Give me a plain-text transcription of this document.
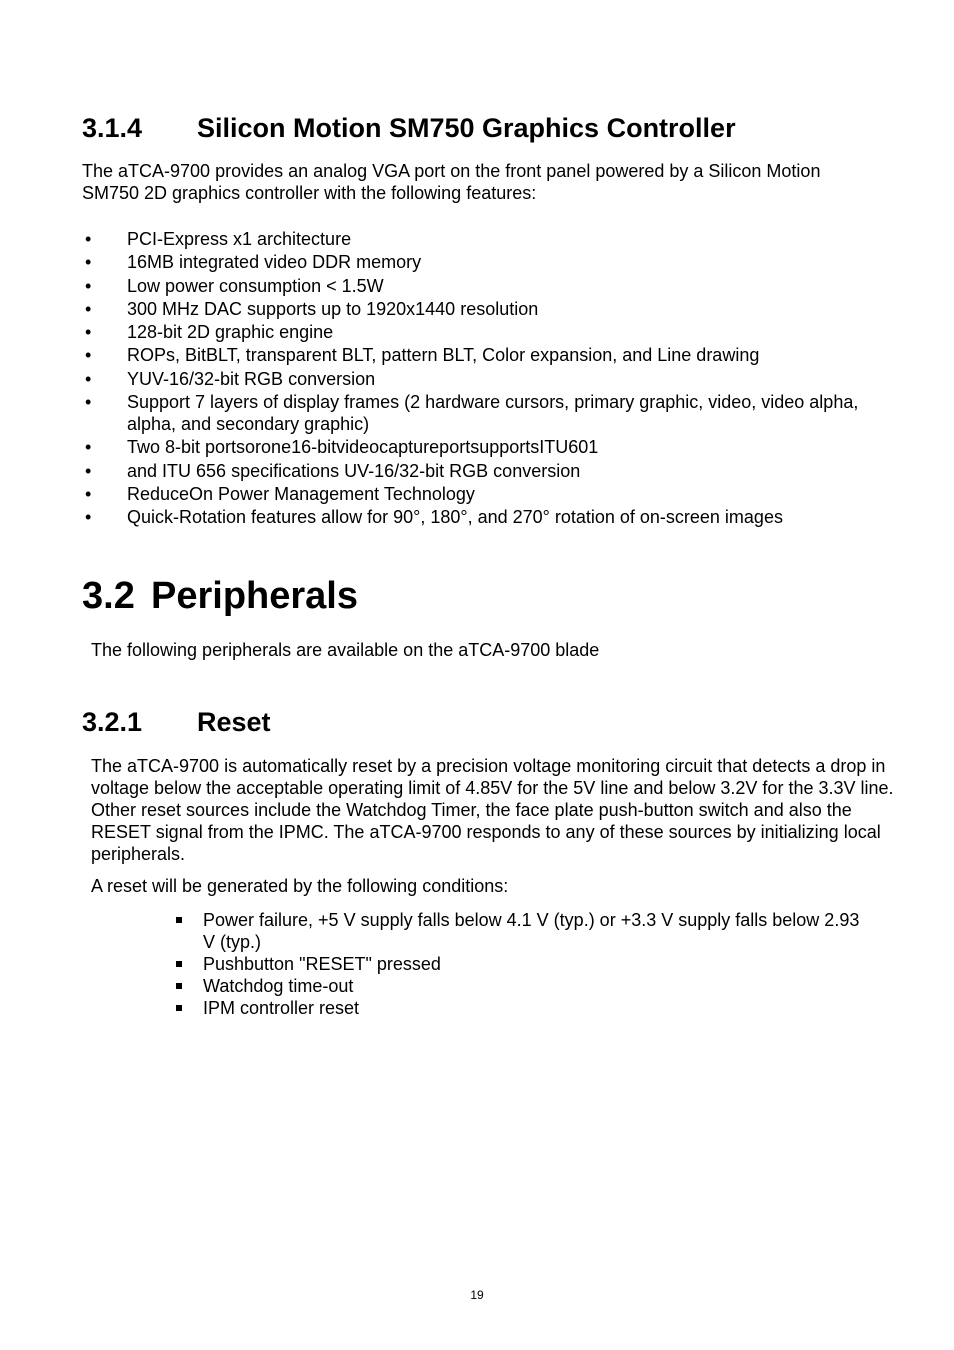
3.1.4 Silicon Motion SM750 Graphics Controller

The aTCA-9700 provides an analog VGA port on the front panel powered by a Silicon Motion SM750 2D graphics controller with the following features:

• PCI-Express x1 architecture
• 16MB integrated video DDR memory
• Low power consumption < 1.5W
• 300 MHz DAC supports up to 1920x1440 resolution
• 128-bit 2D graphic engine
• ROPs, BitBLT, transparent BLT, pattern BLT, Color expansion, and Line drawing
• YUV-16/32-bit RGB conversion
• Support 7 layers of display frames (2 hardware cursors, primary graphic, video, video alpha, alpha, and secondary graphic)
• Two 8-bit portsorone16-bitvideocaptureportsupportsITU601
• and ITU 656 specifications UV-16/32-bit RGB conversion
• ReduceOn Power Management Technology
• Quick-Rotation features allow for 90°, 180°, and 270° rotation of on-screen images
3.2 Peripherals

The following peripherals are available on the aTCA-9700 blade

3.2.1 Reset

The aTCA-9700 is automatically reset by a precision voltage monitoring circuit that detects a drop in voltage below the acceptable operating limit of 4.85V for the 5V line and below 3.2V for the 3.3V line. Other reset sources include the Watchdog Timer, the face plate push-button switch and also the RESET signal from the IPMC. The aTCA-9700 responds to any of these sources by initializing local peripherals.

A reset will be generated by the following conditions:

Power failure, +5 V supply falls below 4.1 V (typ.) or +3.3 V supply falls below 2.93 V (typ.)
Pushbutton "RESET" pressed
Watchdog time-out
IPM controller reset
19
